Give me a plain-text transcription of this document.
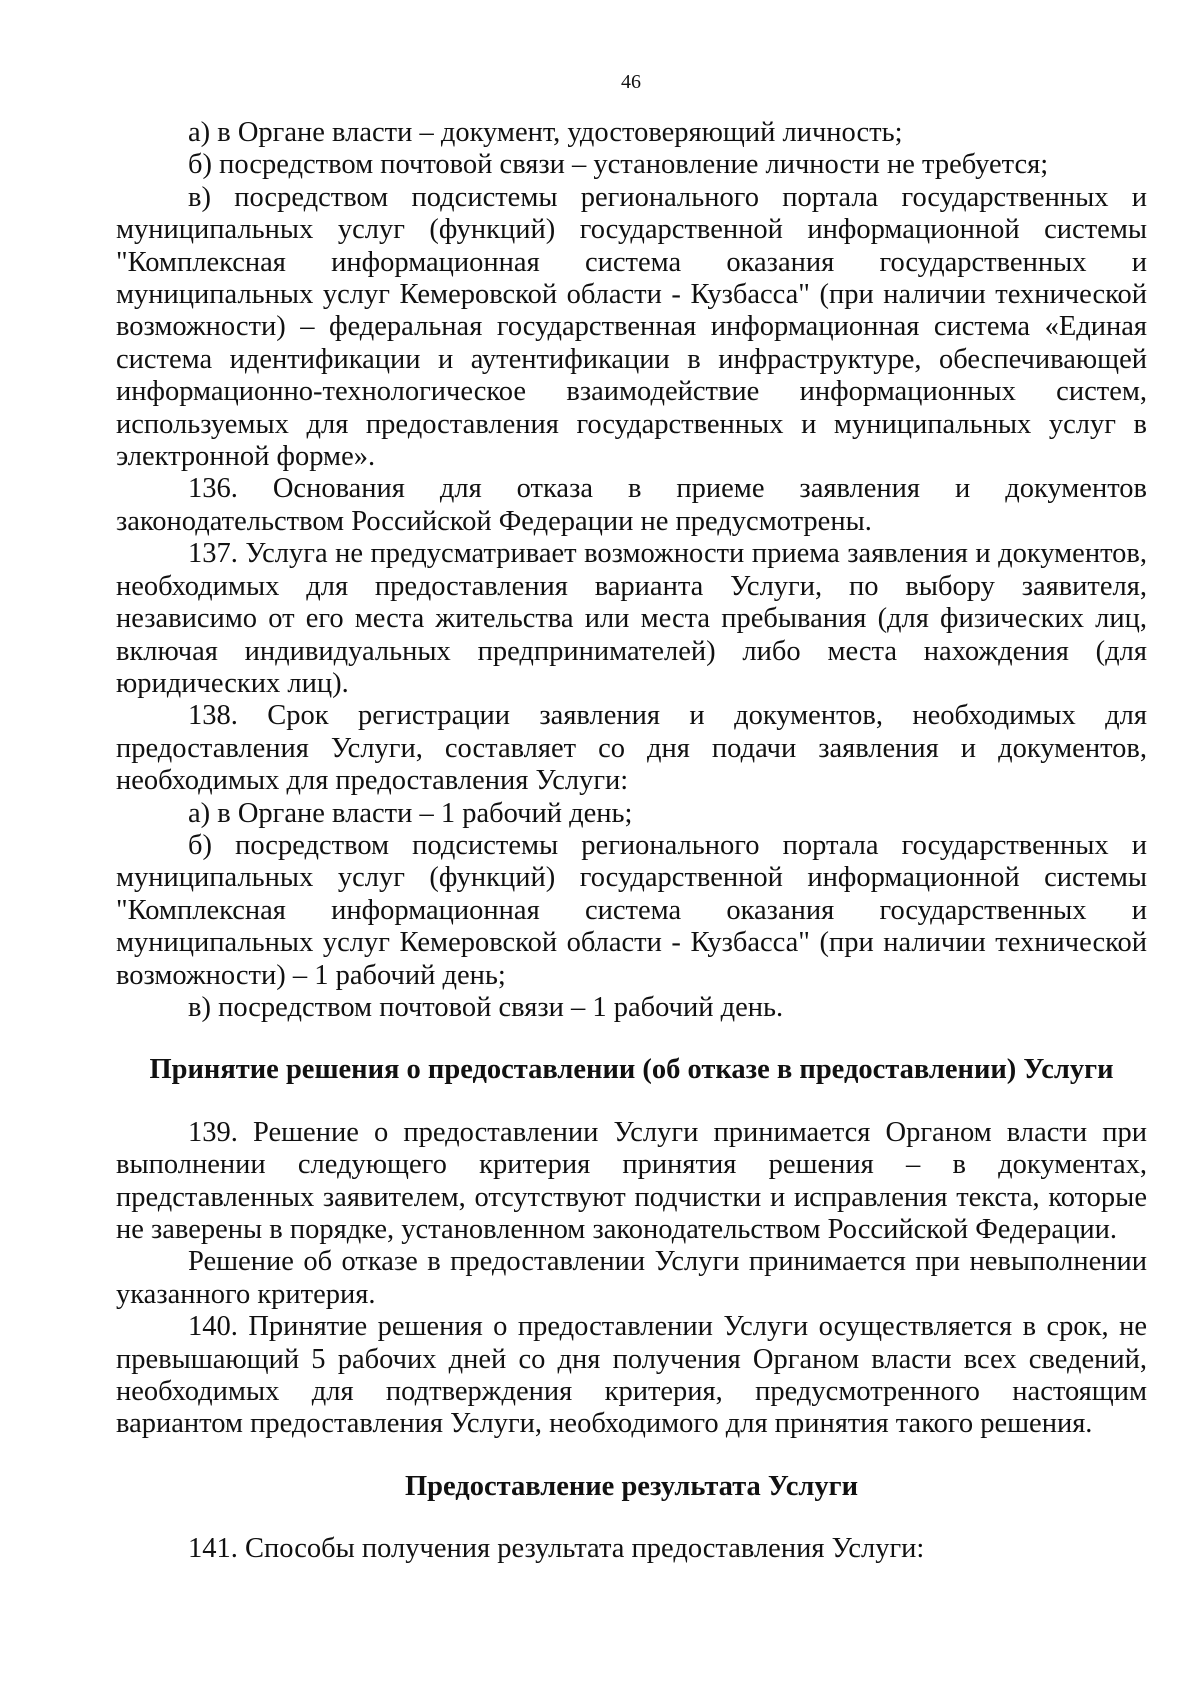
46

а) в Органе власти – документ, удостоверяющий личность;

б) посредством почтовой связи – установление личности не требуется;

в) посредством подсистемы регионального портала государственных и муниципальных услуг (функций) государственной информационной системы "Комплексная информационная система оказания государственных и муниципальных услуг Кемеровской области - Кузбасса" (при наличии технической возможности) – федеральная государственная информационная система «Единая система идентификации и аутентификации в инфраструктуре, обеспечивающей информационно-технологическое взаимодействие информационных систем, используемых для предоставления государственных и муниципальных услуг в электронной форме».

136. Основания для отказа в приеме заявления и документов законодательством Российской Федерации не предусмотрены.

137. Услуга не предусматривает возможности приема заявления и документов, необходимых для предоставления варианта Услуги, по выбору заявителя, независимо от его места жительства или места пребывания (для физических лиц, включая индивидуальных предпринимателей) либо места нахождения (для юридических лиц).

138. Срок регистрации заявления и документов, необходимых для предоставления Услуги, составляет со дня подачи заявления и документов, необходимых для предоставления Услуги:

а) в Органе власти – 1 рабочий день;

б) посредством подсистемы регионального портала государственных и муниципальных услуг (функций) государственной информационной системы "Комплексная информационная система оказания государственных и муниципальных услуг Кемеровской области - Кузбасса" (при наличии технической возможности) – 1 рабочий день;

в) посредством почтовой связи – 1 рабочий день.

Принятие решения о предоставлении (об отказе в предоставлении) Услуги

139. Решение о предоставлении Услуги принимается Органом власти при выполнении следующего критерия принятия решения – в документах, представленных заявителем, отсутствуют подчистки и исправления текста, которые не заверены в порядке, установленном законодательством Российской Федерации.

Решение об отказе в предоставлении Услуги принимается при невыполнении указанного критерия.

140. Принятие решения о предоставлении Услуги осуществляется в срок, не превышающий 5 рабочих дней со дня получения Органом власти всех сведений, необходимых для подтверждения критерия, предусмотренного настоящим вариантом предоставления Услуги, необходимого для принятия такого решения.

Предоставление результата Услуги

141. Способы получения результата предоставления Услуги:
